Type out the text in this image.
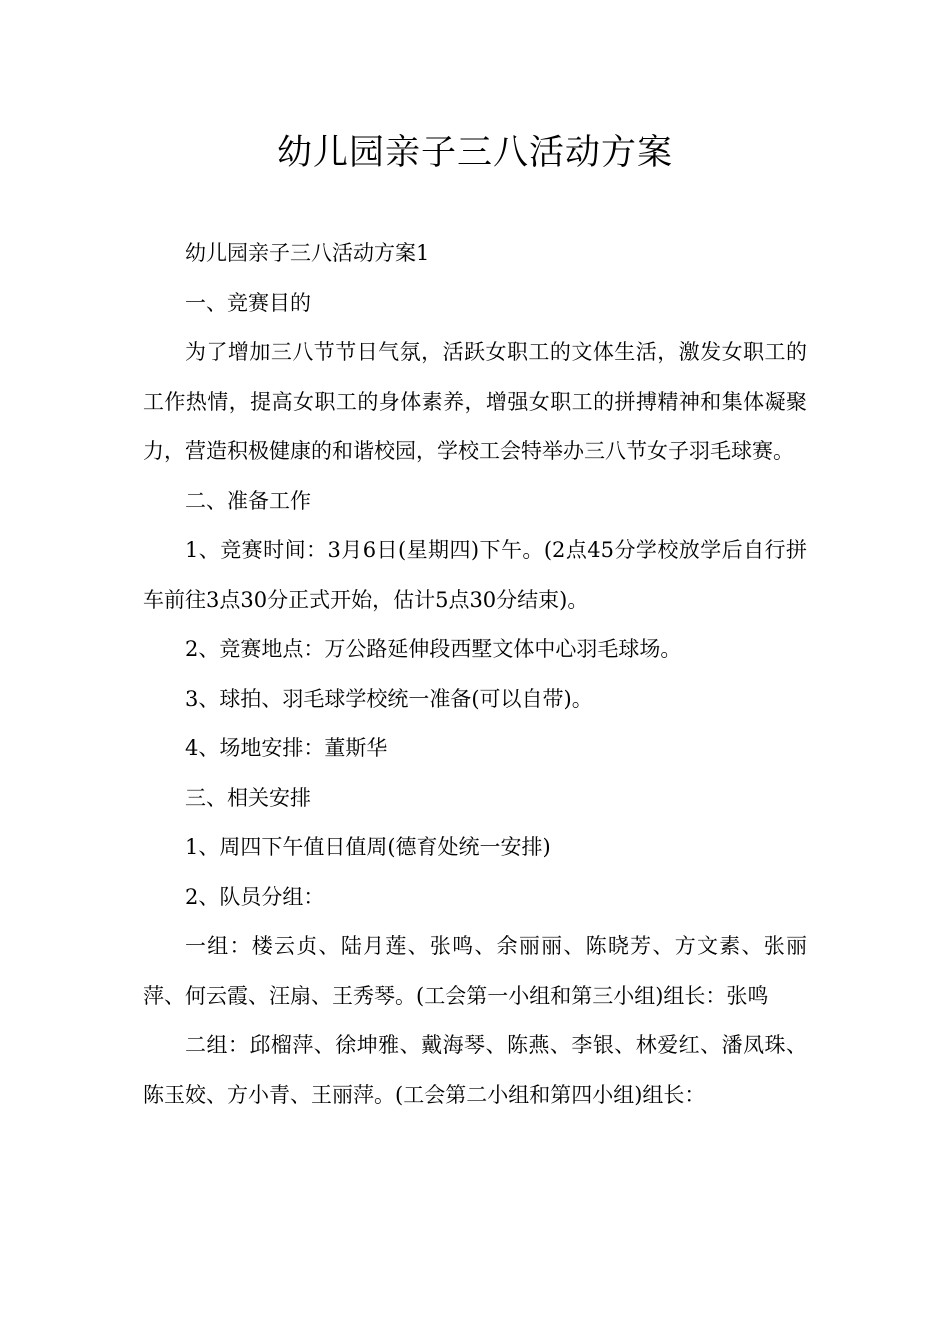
幼儿园亲子三八活动方案

幼儿园亲子三八活动方案1

一、竞赛目的

为了增加三八节节日气氛，活跃女职工的文体生活，激发女职工的工作热情，提高女职工的身体素养，增强女职工的拼搏精神和集体凝聚力，营造积极健康的和谐校园，学校工会特举办三八节女子羽毛球赛。

二、准备工作

1、竞赛时间：3月6日(星期四)下午。(2点45分学校放学后自行拼车前往3点30分正式开始，估计5点30分结束)。

2、竞赛地点：万公路延伸段西墅文体中心羽毛球场。

3、球拍、羽毛球学校统一准备(可以自带)。

4、场地安排：董斯华

三、相关安排

1、周四下午值日值周(德育处统一安排)

2、队员分组：

一组：楼云贞、陆月莲、张鸣、余丽丽、陈晓芳、方文素、张丽萍、何云霞、汪扇、王秀琴。(工会第一小组和第三小组)组长：张鸣

二组：邱榴萍、徐坤雅、戴海琴、陈燕、李银、林爱红、潘凤珠、陈玉姣、方小青、王丽萍。(工会第二小组和第四小组)组长：
